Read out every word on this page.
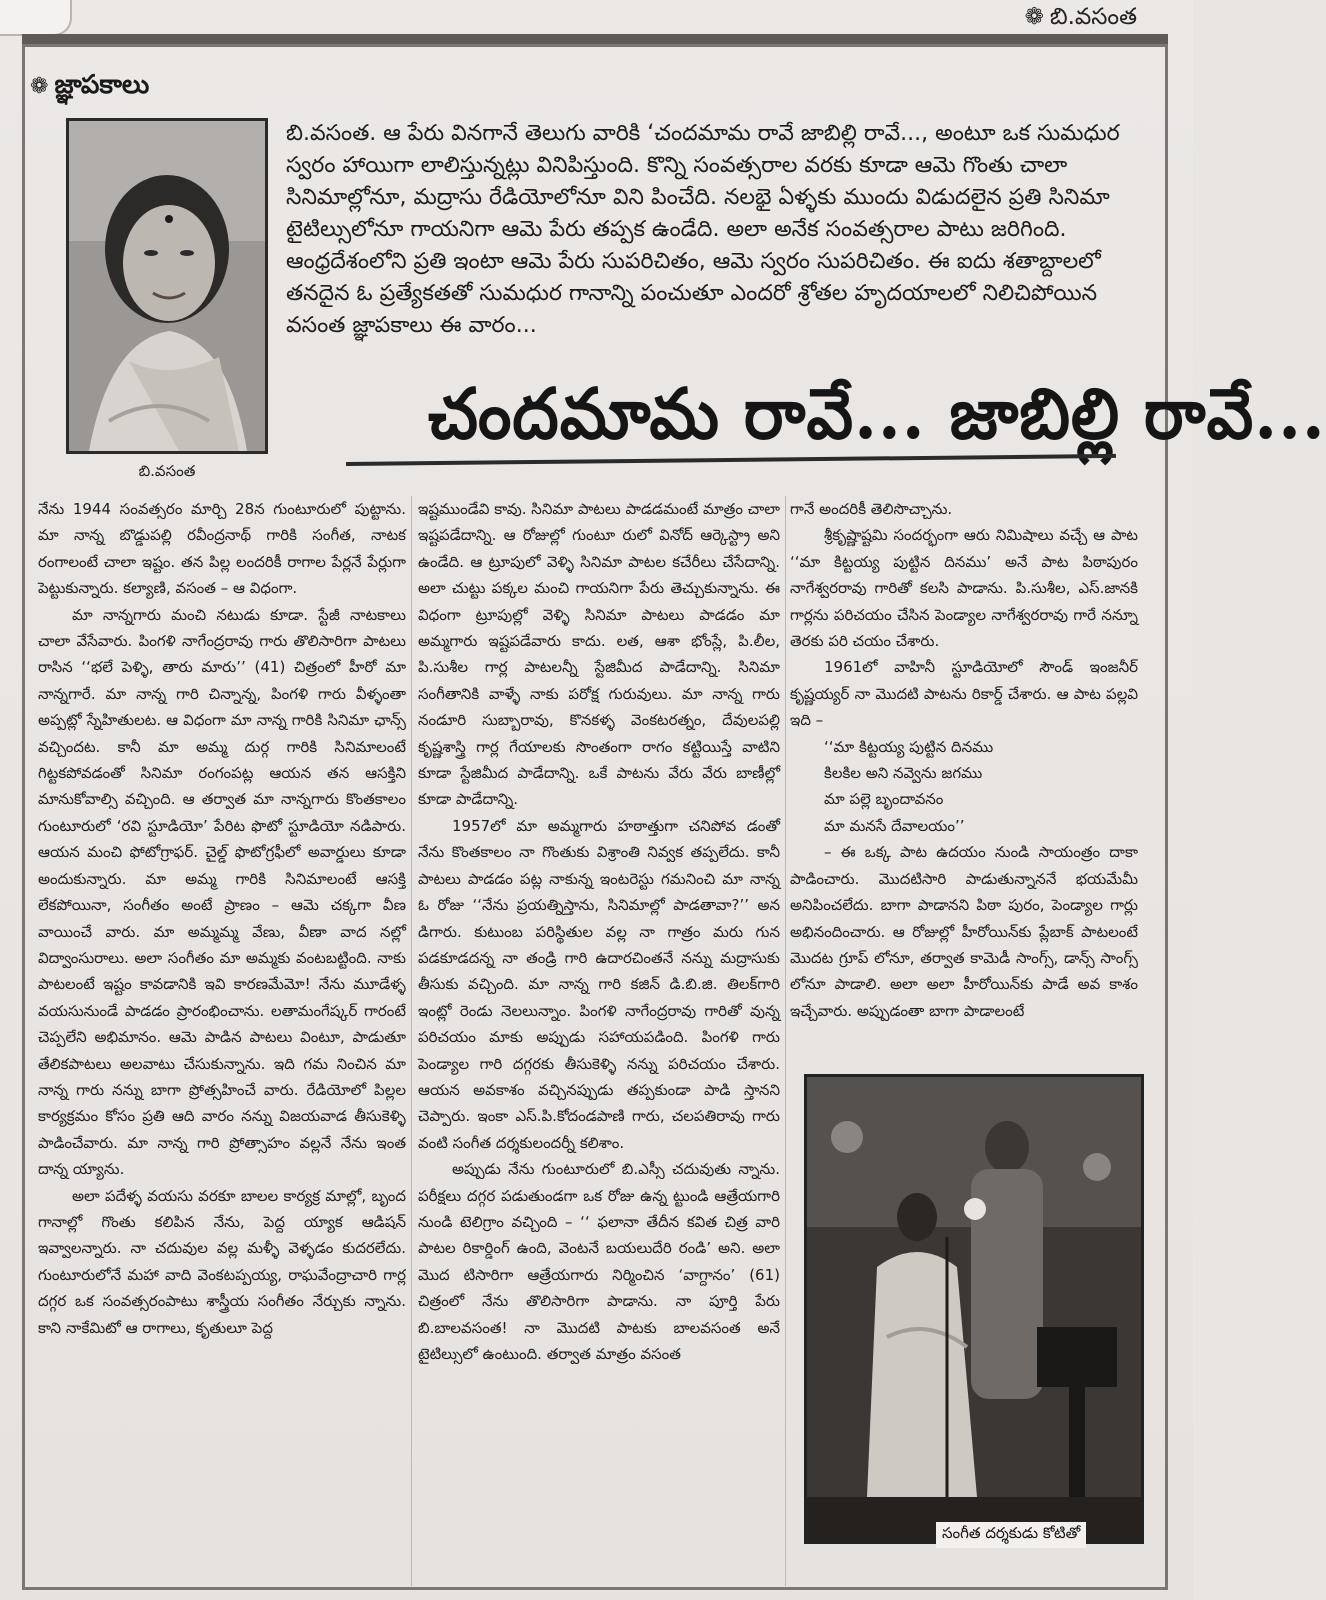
❁ బి.వసంత
❁ జ్ఞాపకాలు
బి.వసంత

బి.వసంత. ఆ పేరు వినగానే తెలుగు వారికి ‘చందమామ రావే జాబిల్లి రావే..., అంటూ ఒక సుమధుర స్వరం హాయిగా లాలిస్తున్నట్లు వినిపిస్తుంది. కొన్ని సంవత్సరాల వరకు కూడా ఆమె గొంతు చాలా సినిమాల్లోనూ, మద్రాసు రేడియోలోనూ విని పించేది. నలభై ఏళ్ళకు ముందు విడుదలైన ప్రతి సినిమా టైటిల్సులోనూ గాయనిగా ఆమె పేరు తప్పక ఉండేది. అలా అనేక సంవత్సరాల పాటు జరిగింది. ఆంధ్రదేశంలోని ప్రతి ఇంటా ఆమె పేరు సుపరిచితం, ఆమె స్వరం సుపరిచితం. ఈ ఐదు శతాబ్దాలలో తనదైన ఓ ప్రత్యేకతతో సుమధుర గానాన్ని పంచుతూ ఎందరో శ్రోతల హృదయాలలో నిలిచిపోయిన వసంత జ్ఞాపకాలు ఈ వారం...

చందమామ రావే... జాబిల్లి రావే...

నేను 1944 సంవత్సరం మార్చి 28న గుంటూరులో పుట్టాను. మా నాన్న బొడ్డుపల్లి రవీంద్రనాథ్ గారికి సంగీత, నాటక రంగాలంటే చాలా ఇష్టం. తన పిల్ల లందరికీ రాగాల పేర్లనే పేర్లుగా పెట్టుకున్నారు. కల్యాణి, వసంత – ఆ విధంగా.

మా నాన్నగారు మంచి నటుడు కూడా. స్టేజీ నాటకాలు చాలా వేసేవారు. పింగళి నాగేంద్రరావు గారు తొలిసారిగా పాటలు రాసిన ‘‘భలే పెళ్ళి, తారు మారు’’ (41) చిత్రంలో హీరో మా నాన్నగారే. మా నాన్న గారి చిన్నాన్న, పింగళి గారు వీళ్ళంతా అప్పట్లో స్నేహితులట. ఆ విధంగా మా నాన్న గారికి సినిమా ఛాన్స్ వచ్చిందట. కానీ మా అమ్మ దుర్గ గారికి సినిమాలంటే గిట్టకపోవడంతో సినిమా రంగంపట్ల ఆయన తన ఆసక్తిని మానుకోవాల్సి వచ్చింది. ఆ తర్వాత మా నాన్నగారు కొంతకాలం గుంటూరులో ‘రవి స్టూడియో’ పేరిట ఫొటో స్టూడియో నడిపారు. ఆయన మంచి ఫోటోగ్రాఫర్. చైల్డ్ ఫొటోగ్రఫీలో అవార్డులు కూడా అందుకున్నారు. మా అమ్మ గారికి సినిమాలంటే ఆసక్తి లేకపోయినా, సంగీతం అంటే ప్రాణం – ఆమె చక్కగా వీణ వాయించే వారు. మా అమ్మమ్మ వేణు, వీణా వాద నల్లో విద్వాంసురాలు. అలా సంగీతం మా అమ్మకు వంటబట్టింది. నాకు పాటలంటే ఇష్టం కావడానికి ఇవి కారణమేమో! నేను మూడేళ్ళ వయసునుండే పాడడం ప్రారంభించాను. లతామంగేష్కర్ గారంటే చెప్పలేని అభిమానం. ఆమె పాడిన పాటలు వింటూ, పాడుతూ తేలికపాటలు అలవాటు చేసుకున్నాను. ఇది గమ నించిన మా నాన్న గారు నన్ను బాగా ప్రోత్సహించే వారు. రేడియోలో పిల్లల కార్యక్రమం కోసం ప్రతి ఆది వారం నన్ను విజయవాడ తీసుకెళ్ళి పాడించేవారు. మా నాన్న గారి ప్రోత్సాహం వల్లనే నేను ఇంత దాన్న య్యాను.

అలా పదేళ్ళ వయసు వరకూ బాలల కార్యక్ర మాల్లో, బృంద గానాల్లో గొంతు కలిపిన నేను, పెద్ద య్యాక ఆడిషన్ ఇవ్వాలన్నారు. నా చదువుల వల్ల మళ్ళీ వెళ్ళడం కుదరలేదు. గుంటూరులోనే మహా వాది వెంకటప్పయ్య, రాఘవేంద్రాచారి గార్ల దగ్గర ఒక సంవత్సరంపాటు శాస్త్రీయ సంగీతం నేర్చుకు న్నాను. కాని నాకేమిటో ఆ రాగాలు, కృతులూ పెద్ద

ఇష్టముండేవి కావు. సినిమా పాటలు పాడడమంటే మాత్రం చాలా ఇష్టపడేదాన్ని. ఆ రోజుల్లో గుంటూ రులో వినోద్ ఆర్కెస్ట్రా అని ఉండేది. ఆ ట్రూపులో వెళ్ళి సినిమా పాటల కచేరీలు చేసేదాన్ని. అలా చుట్టు పక్కల మంచి గాయనిగా పేరు తెచ్చుకున్నాను. ఈ విధంగా ట్రూపుల్లో వెళ్ళి సినిమా పాటలు పాడడం మా అమ్మగారు ఇష్టపడేవారు కాదు. లత, ఆశా భోంస్లే, పి.లీల, పి.సుశీల గార్ల పాటలన్నీ స్టేజిమీద పాడేదాన్ని. సినిమా సంగీతానికి వాళ్ళే నాకు పరోక్ష గురువులు. మా నాన్న గారు నండూరి సుబ్బారావు, కొనకళ్ళ వెంకటరత్నం, దేవులపల్లి కృష్ణశాస్త్రి గార్ల గేయాలకు సొంతంగా రాగం కట్టియిస్తే వాటిని కూడా స్టేజిమీద పాడేదాన్ని. ఒకే పాటను వేరు వేరు బాణీల్లో కూడా పాడేదాన్ని.

1957లో మా అమ్మగారు హఠాత్తుగా చనిపోవ డంతో నేను కొంతకాలం నా గొంతుకు విశ్రాంతి నివ్వక తప్పలేదు. కానీ పాటలు పాడడం పట్ల నాకున్న ఇంటరెస్టు గమనించి మా నాన్న ఓ రోజు ‘‘నేను ప్రయత్నిస్తాను, సినిమాల్లో పాడతావా?’’ అన డిగారు. కుటుంబ పరిస్థితుల వల్ల నా గాత్రం మరు గున పడకూడదన్న నా తండ్రి గారి ఉదారచింతనే నన్ను మద్రాసుకు తీసుకు వచ్చింది. మా నాన్న గారి కజిన్ డి.బి.జి. తిలక్‌గారి ఇంట్లో రెండు నెలలున్నాం. పింగళి నాగేంద్రరావు గారితో వున్న పరిచయం మాకు అప్పుడు సహాయపడింది. పింగళి గారు పెండ్యాల గారి దగ్గరకు తీసుకెళ్ళి నన్ను పరిచయం చేశారు. ఆయన అవకాశం వచ్చినప్పుడు తప్పకుండా పాడి స్తానని చెప్పారు. ఇంకా ఎస్.పి.కోదండపాణి గారు, చలపతిరావు గారు వంటి సంగీత దర్శకులందర్నీ కలిశాం.

అప్పుడు నేను గుంటూరులో బి.ఎస్సీ చదువుతు న్నాను. పరీక్షలు దగ్గర పడుతుండగా ఒక రోజు ఉన్న ట్టుండి ఆత్రేయగారి నుండి టెలిగ్రాం వచ్చింది – ‘‘ ఫలానా తేదీన కవిత చిత్ర వారి పాటల రికార్డింగ్ ఉంది, వెంటనే బయలుదేరి రండి’ అని. అలా మొద టిసారిగా ఆత్రేయగారు నిర్మించిన ‘వాగ్దానం’ (61) చిత్రంలో నేను తొలిసారిగా పాడాను. నా పూర్తి పేరు బి.బాలవసంత! నా మొదటి పాటకు బాలవసంత అనే టైటిల్సులో ఉంటుంది. తర్వాత మాత్రం వసంత

గానే అందరికీ తెలిసొచ్చాను.

శ్రీకృష్ణాష్టమి సందర్భంగా ఆరు నిమిషాలు వచ్చే ఆ పాట ‘‘మా కిట్టయ్య పుట్టిన దినము’ అనే పాట పిఠాపురం నాగేశ్వరరావు గారితో కలసి పాడాను. పి.సుశీల, ఎస్.జానకి గార్లను పరిచయం చేసిన పెండ్యాల నాగేశ్వరరావు గారే నన్నూ తెరకు పరి చయం చేశారు.

1961లో వాహినీ స్టూడియోలో సౌండ్ ఇంజనీర్ కృష్ణయ్యర్ నా మొదటి పాటను రికార్డ్ చేశారు. ఆ పాట పల్లవి ఇది –

‘‘మా కిట్టయ్య పుట్టిన దినము
కిలకిల అని నవ్వెను జగము
మా పల్లె బృందావనం
మా మనసే దేవాలయం’’

– ఈ ఒక్క పాట ఉదయం నుండి సాయంత్రం దాకా పాడించారు. మొదటిసారి పాడుతున్నాననే భయమేమీ అనిపించలేదు. బాగా పాడానని పిఠా పురం, పెండ్యాల గార్లు అభినందించారు. ఆ రోజుల్లో హీరోయిన్‌కు ప్లేబాక్ పాటలంటే మొదట గ్రూప్ లోనూ, తర్వాత కామెడీ సాంగ్స్, డాన్స్ సాంగ్స్ లోనూ పాడాలి. అలా అలా హీరోయిన్‌కు పాడే అవ కాశం ఇచ్చేవారు. అప్పుడంతా బాగా పాడాలంటే

సంగీత దర్శకుడు కోటితో
